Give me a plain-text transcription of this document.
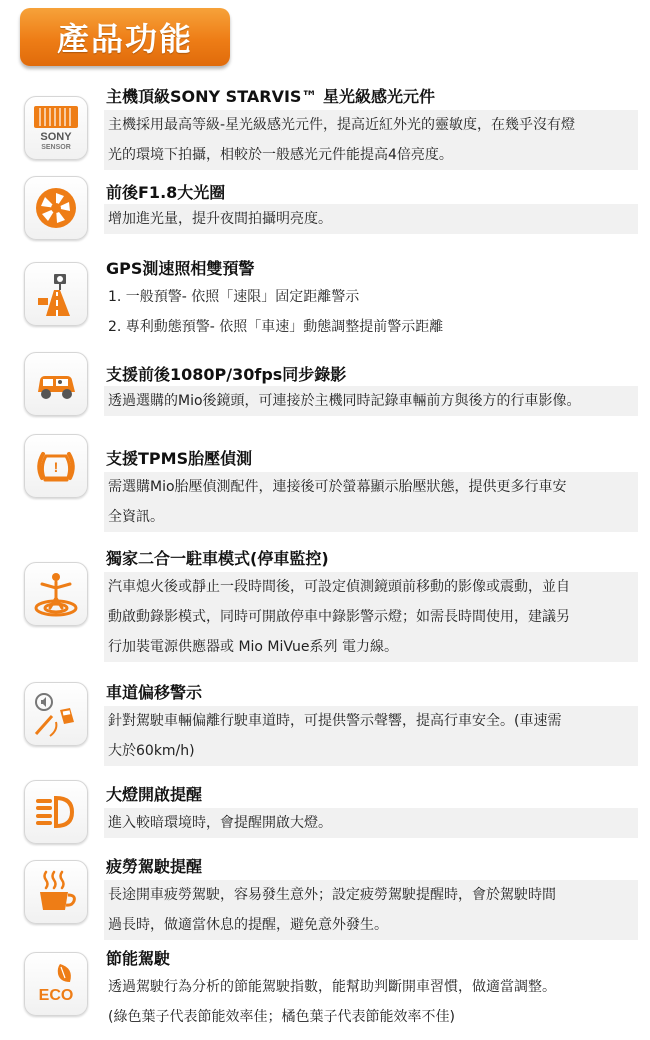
產品功能
SONY
SENSOR
主機頂級SONY STARVIS™ 星光級感光元件
主機採用最高等級-星光級感光元件，提高近紅外光的靈敏度，在幾乎沒有燈
光的環境下拍攝，相較於一般感光元件能提高4倍亮度。
前後F1.8大光圈
增加進光量，提升夜間拍攝明亮度。
GPS測速照相雙預警
1. 一般預警- 依照「速限」固定距離警示
2. 專利動態預警- 依照「車速」動態調整提前警示距離
支援前後1080P/30fps同步錄影
透過選購的Mio後鏡頭，可連接於主機同時記錄車輛前方與後方的行車影像。
!	支援TPMS胎壓偵測
需選購Mio胎壓偵測配件，連接後可於螢幕顯示胎壓狀態，提供更多行車安
全資訊。
獨家二合一駐車模式(停車監控)
汽車熄火後或靜止一段時間後，可設定偵測鏡頭前移動的影像或震動，並自
動啟動錄影模式，同時可開啟停車中錄影警示燈；如需長時間使用，建議另
行加裝電源供應器或 Mio MiVue系列 電力線。
車道偏移警示
針對駕駛車輛偏離行駛車道時，可提供警示聲響，提高行車安全。(車速需
大於60km/h)
大燈開啟提醒
進入較暗環境時，會提醒開啟大燈。
疲勞駕駛提醒
長途開車疲勞駕駛，容易發生意外；設定疲勞駕駛提醒時，會於駕駛時間
過長時，做適當休息的提醒，避免意外發生。
ECO
節能駕駛
透過駕駛行為分析的節能駕駛指數，能幫助判斷開車習慣，做適當調整。
(綠色葉子代表節能效率佳；橘色葉子代表節能效率不佳)
